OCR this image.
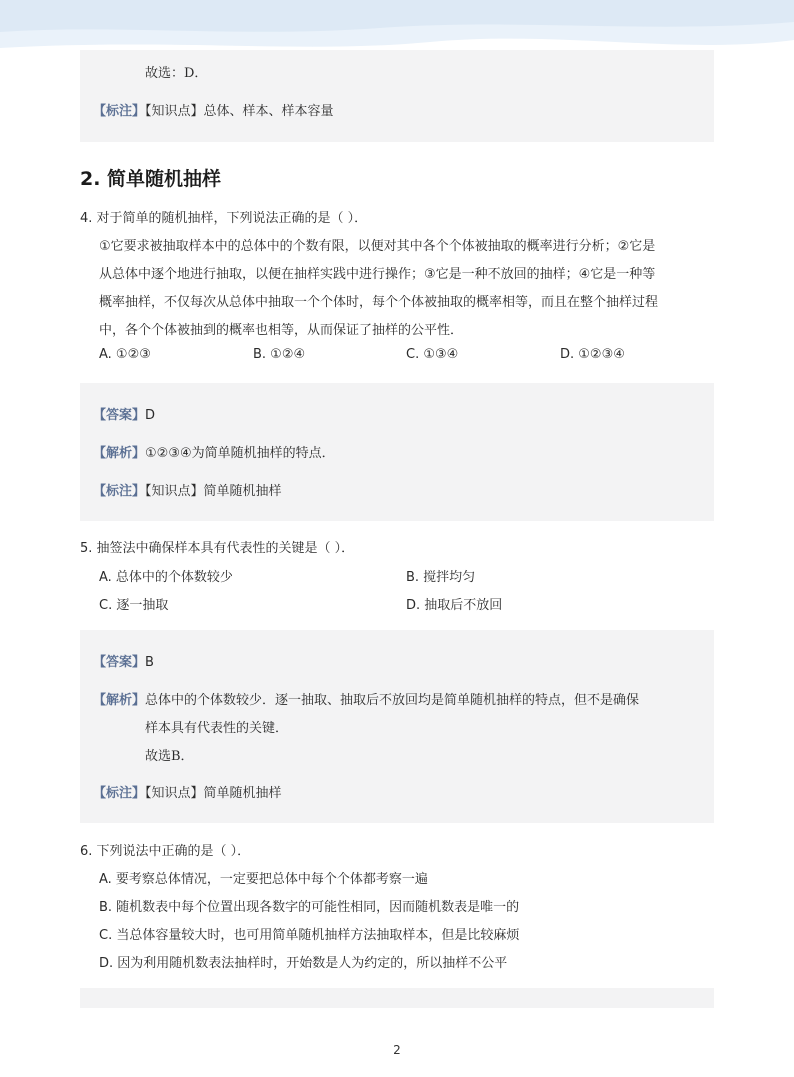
故选：D．
【标注】【知识点】总体、样本、样本容量
2. 简单随机抽样
4. 对于简单的随机抽样，下列说法正确的是（ ）．
①它要求被抽取样本中的总体中的个数有限，以便对其中各个个体被抽取的概率进行分析；②它是
从总体中逐个地进行抽取，以便在抽样实践中进行操作；③它是一种不放回的抽样；④它是一种等
概率抽样，不仅每次从总体中抽取一个个体时，每个个体被抽取的概率相等，而且在整个抽样过程
中，各个个体被抽到的概率也相等，从而保证了抽样的公平性．
A. ①②③	B. ①②④	C. ①③④	D. ①②③④
【答案】D
【解析】①②③④为简单随机抽样的特点．
【标注】【知识点】简单随机抽样
5. 抽签法中确保样本具有代表性的关键是（ ）．
A. 总体中的个体数较少	B. 搅拌均匀
C. 逐一抽取	D. 抽取后不放回
【答案】B
【解析】总体中的个体数较少．逐一抽取、抽取后不放回均是简单随机抽样的特点，但不是确保
样本具有代表性的关键．
故选B．
【标注】【知识点】简单随机抽样
6. 下列说法中正确的是（ ）．
A. 要考察总体情况，一定要把总体中每个个体都考察一遍
B. 随机数表中每个位置出现各数字的可能性相同，因而随机数表是唯一的
C. 当总体容量较大时，也可用简单随机抽样方法抽取样本，但是比较麻烦
D. 因为利用随机数表法抽样时，开始数是人为约定的，所以抽样不公平
2
